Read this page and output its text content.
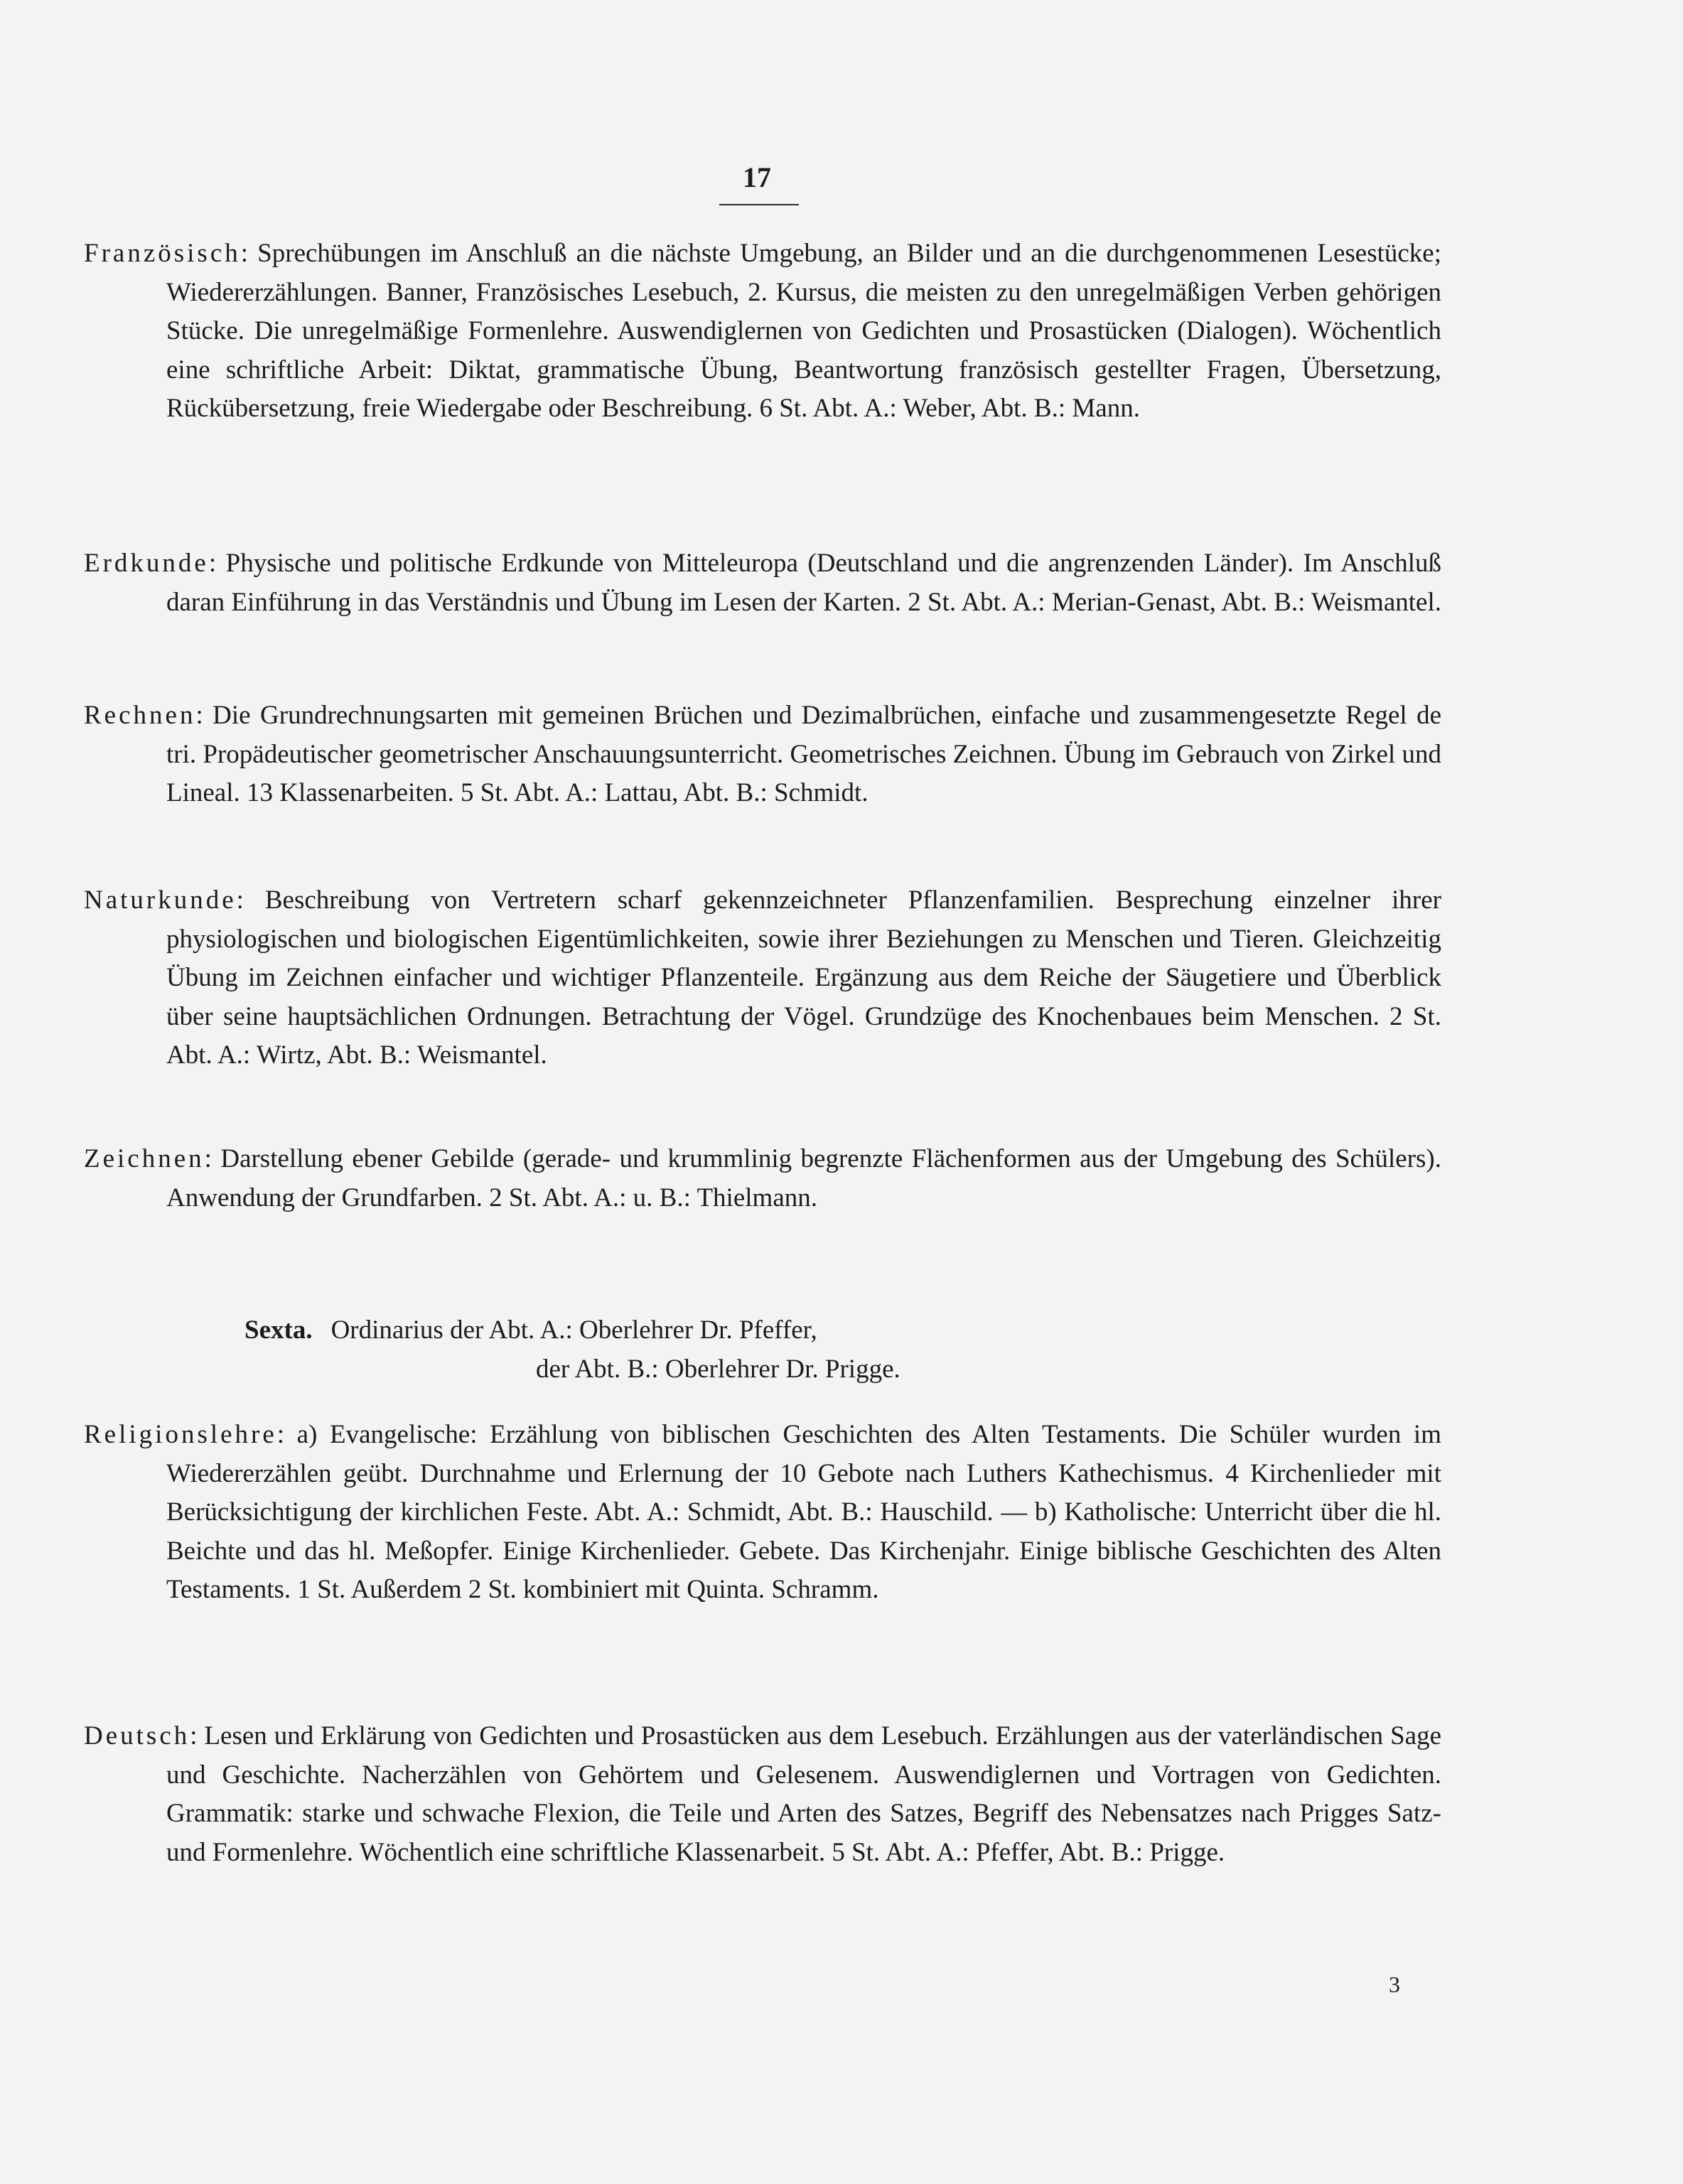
17
Französisch: Sprechübungen im Anschluß an die nächste Umgebung, an Bilder und an die durchgenommenen Lesestücke; Wiedererzählungen. Banner, Französisches Lesebuch, 2. Kursus, die meisten zu den unregelmäßigen Verben gehörigen Stücke. Die unregelmäßige Formenlehre. Auswendiglernen von Gedichten und Prosastücken (Dialogen). Wöchentlich eine schriftliche Arbeit: Diktat, grammatische Übung, Beantwortung französisch gestellter Fragen, Übersetzung, Rückübersetzung, freie Wiedergabe oder Beschreibung. 6 St. Abt. A.: Weber, Abt. B.: Mann.
Erdkunde: Physische und politische Erdkunde von Mitteleuropa (Deutschland und die angrenzenden Länder). Im Anschluß daran Einführung in das Verständnis und Übung im Lesen der Karten. 2 St. Abt. A.: Merian-Genast, Abt. B.: Weismantel.
Rechnen: Die Grundrechnungsarten mit gemeinen Brüchen und Dezimalbrüchen, einfache und zusammengesetzte Regel de tri. Propädeutischer geometrischer Anschauungsunterricht. Geometrisches Zeichnen. Übung im Gebrauch von Zirkel und Lineal. 13 Klassenarbeiten. 5 St. Abt. A.: Lattau, Abt. B.: Schmidt.
Naturkunde: Beschreibung von Vertretern scharf gekennzeichneter Pflanzenfamilien. Besprechung einzelner ihrer physiologischen und biologischen Eigentümlichkeiten, sowie ihrer Beziehungen zu Menschen und Tieren. Gleichzeitig Übung im Zeichnen einfacher und wichtiger Pflanzenteile. Ergänzung aus dem Reiche der Säugetiere und Überblick über seine hauptsächlichen Ordnungen. Betrachtung der Vögel. Grundzüge des Knochenbaues beim Menschen. 2 St. Abt. A.: Wirtz, Abt. B.: Weismantel.
Zeichnen: Darstellung ebener Gebilde (gerade- und krummlinig begrenzte Flächenformen aus der Umgebung des Schülers). Anwendung der Grundfarben. 2 St. Abt. A.: u. B.: Thielmann.
Sexta. Ordinarius der Abt. A.: Oberlehrer Dr. Pfeffer,
der Abt. B.: Oberlehrer Dr. Prigge.
Religionslehre: a) Evangelische: Erzählung von biblischen Geschichten des Alten Testaments. Die Schüler wurden im Wiedererzählen geübt. Durchnahme und Erlernung der 10 Gebote nach Luthers Kathechismus. 4 Kirchenlieder mit Berücksichtigung der kirchlichen Feste. Abt. A.: Schmidt, Abt. B.: Hauschild. — b) Katholische: Unterricht über die hl. Beichte und das hl. Meßopfer. Einige Kirchenlieder. Gebete. Das Kirchenjahr. Einige biblische Geschichten des Alten Testaments. 1 St. Außerdem 2 St. kombiniert mit Quinta. Schramm.
Deutsch: Lesen und Erklärung von Gedichten und Prosastücken aus dem Lesebuch. Erzählungen aus der vaterländischen Sage und Geschichte. Nacherzählen von Gehörtem und Gelesenem. Auswendiglernen und Vortragen von Gedichten. Grammatik: starke und schwache Flexion, die Teile und Arten des Satzes, Begriff des Nebensatzes nach Prigges Satz- und Formenlehre. Wöchentlich eine schriftliche Klassenarbeit. 5 St. Abt. A.: Pfeffer, Abt. B.: Prigge.
3
